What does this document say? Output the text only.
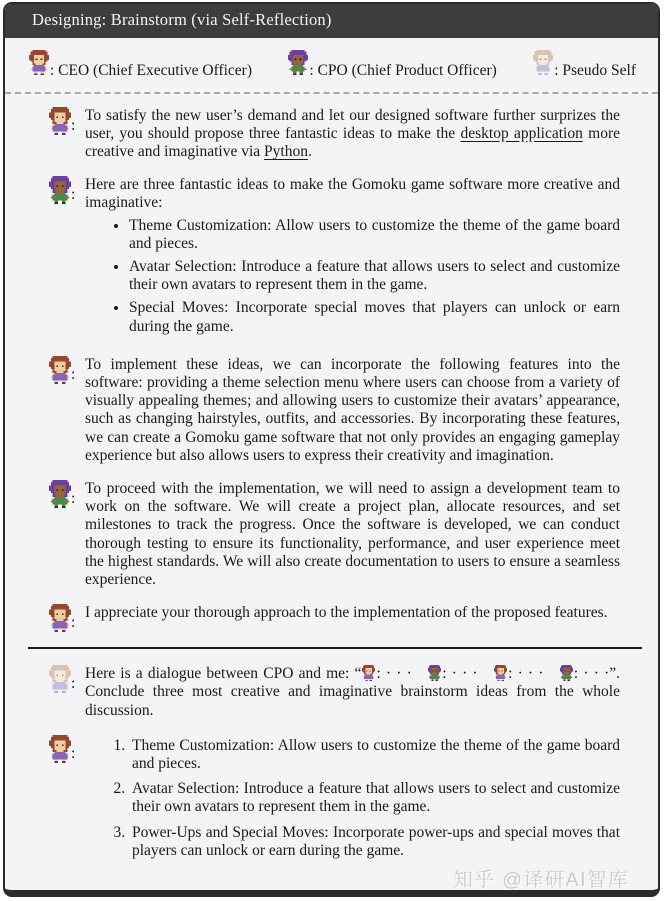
Designing: Brainstorm (via Self-Reflection)
: CEO (Chief Executive Officer)	: CPO (Chief Product Officer)	: Pseudo Self
:
To satisfy the new user’s demand and let our designed software further surprizes the user, you should propose three fantastic ideas to make the desktop application more creative and imaginative via Python.
:
Here are three fantastic ideas to make the Gomoku game software more creative and imaginative:
• Theme Customization: Allow users to customize the theme of the game board and pieces.
• Avatar Selection: Introduce a feature that allows users to select and customize their own avatars to represent them in the game.
• Special Moves: Incorporate special moves that players can unlock or earn during the game.
:
To implement these ideas, we can incorporate the following features into the software: providing a theme selection menu where users can choose from a variety of visually appealing themes; and allowing users to customize their avatars’ appearance, such as changing hairstyles, outfits, and accessories. By incorporating these features, we can create a Gomoku game software that not only provides an engaging gameplay experience but also allows users to express their creativity and imagination.
:
To proceed with the implementation, we will need to assign a development team to work on the software. We will create a project plan, allocate resources, and set milestones to track the progress. Once the software is developed, we can conduct thorough testing to ensure its functionality, performance, and user experience meet the highest standards. We will also create documentation to users to ensure a seamless experience.
:
I appreciate your thorough approach to the implementation of the proposed features.
:
Here is a dialogue between CPO and me: “ : · · · : · · · : · · · : · · ·”. Conclude three most creative and imaginative brainstorm ideas from the whole discussion.
:	1. Theme Customization: Allow users to customize the theme of the game board and pieces.
2. Avatar Selection: Introduce a feature that allows users to select and customize their own avatars to represent them in the game.
3. Power-Ups and Special Moves: Incorporate power-ups and special moves that players can unlock or earn during the game.
知乎 @译研AI智库
